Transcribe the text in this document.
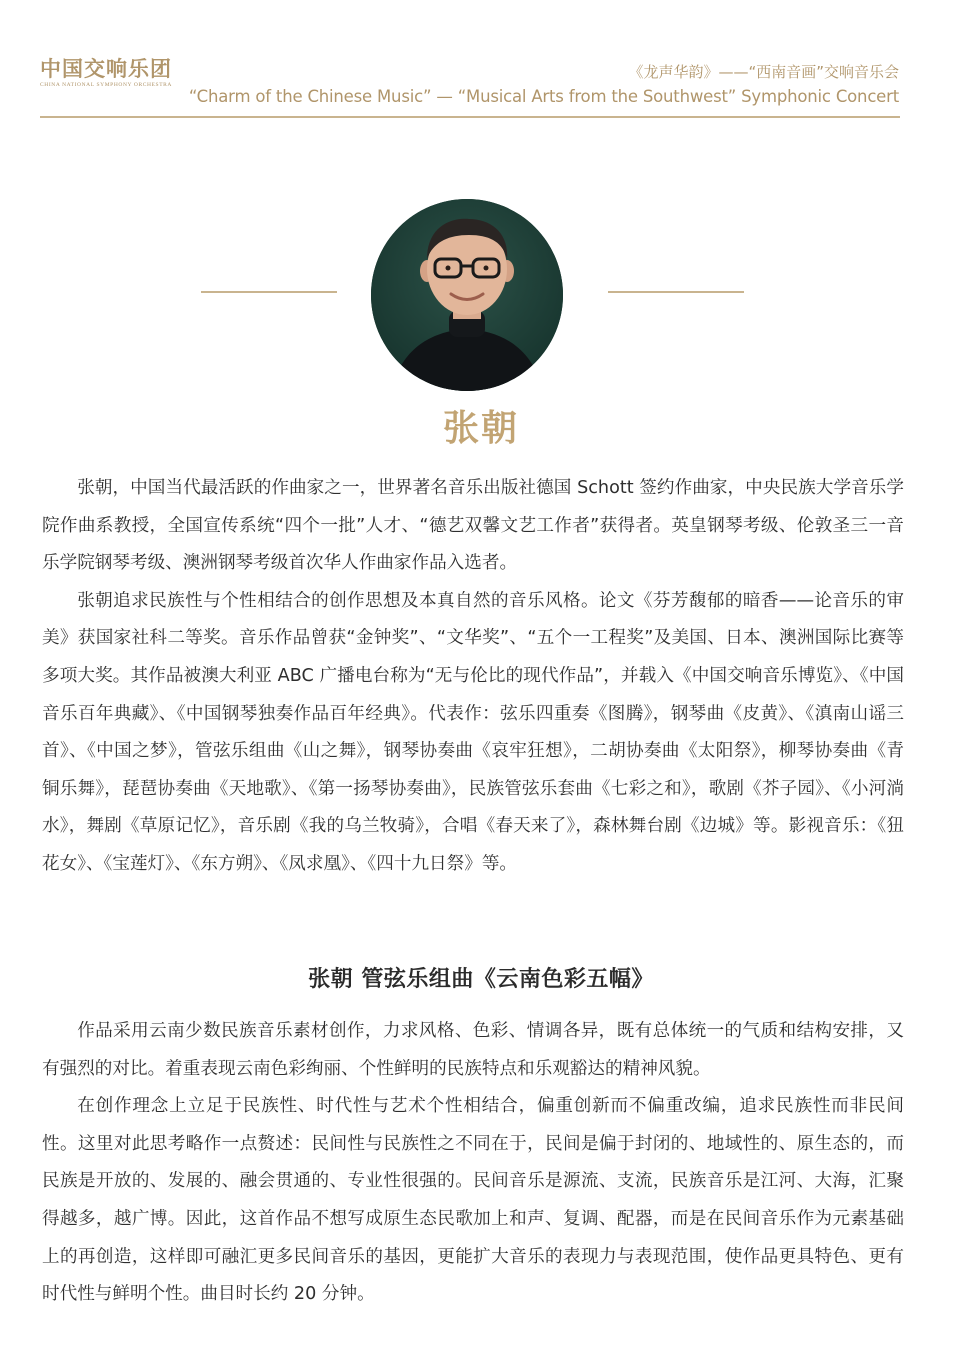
中国交响乐团
CHINA NATIONAL SYMPHONY ORCHESTRA
《龙声华韵》——“西南音画”交响音乐会
“Charm of the Chinese Music” — “Musical Arts from the Southwest” Symphonic Concert
张朝

张朝，中国当代最活跃的作曲家之一，世界著名音乐出版社德国 Schott 签约作曲家，中央民族大学音乐学院作曲系教授，全国宣传系统“四个一批”人才、“德艺双馨文艺工作者”获得者。英皇钢琴考级、伦敦圣三一音乐学院钢琴考级、澳洲钢琴考级首次华人作曲家作品入选者。

张朝追求民族性与个性相结合的创作思想及本真自然的音乐风格。论文《芬芳馥郁的暗香——论音乐的审美》获国家社科二等奖。音乐作品曾获“金钟奖”、“文华奖”、“五个一工程奖”及美国、日本、澳洲国际比赛等多项大奖。其作品被澳大利亚 ABC 广播电台称为“无与伦比的现代作品”，并载入《中国交响音乐博览》、《中国音乐百年典藏》、《中国钢琴独奏作品百年经典》。代表作：弦乐四重奏《图腾》，钢琴曲《皮黄》、《滇南山谣三首》、《中国之梦》，管弦乐组曲《山之舞》，钢琴协奏曲《哀牢狂想》，二胡协奏曲《太阳祭》，柳琴协奏曲《青铜乐舞》，琵琶协奏曲《天地歌》、《第一扬琴协奏曲》，民族管弦乐套曲《七彩之和》，歌剧《芥子园》、《小河淌水》，舞剧《草原记忆》，音乐剧《我的乌兰牧骑》，合唱《春天来了》，森林舞台剧《边城》等。影视音乐：《狃花女》、《宝莲灯》、《东方朔》、《凤求凰》、《四十九日祭》等。

张朝 管弦乐组曲《云南色彩五幅》

作品采用云南少数民族音乐素材创作，力求风格、色彩、情调各异，既有总体统一的气质和结构安排，又有强烈的对比。着重表现云南色彩绚丽、个性鲜明的民族特点和乐观豁达的精神风貌。

在创作理念上立足于民族性、时代性与艺术个性相结合，偏重创新而不偏重改编，追求民族性而非民间性。这里对此思考略作一点赘述：民间性与民族性之不同在于，民间是偏于封闭的、地域性的、原生态的，而民族是开放的、发展的、融会贯通的、专业性很强的。民间音乐是源流、支流，民族音乐是江河、大海，汇聚得越多，越广博。因此，这首作品不想写成原生态民歌加上和声、复调、配器，而是在民间音乐作为元素基础上的再创造，这样即可融汇更多民间音乐的基因，更能扩大音乐的表现力与表现范围，使作品更具特色、更有时代性与鲜明个性。曲目时长约 20 分钟。
